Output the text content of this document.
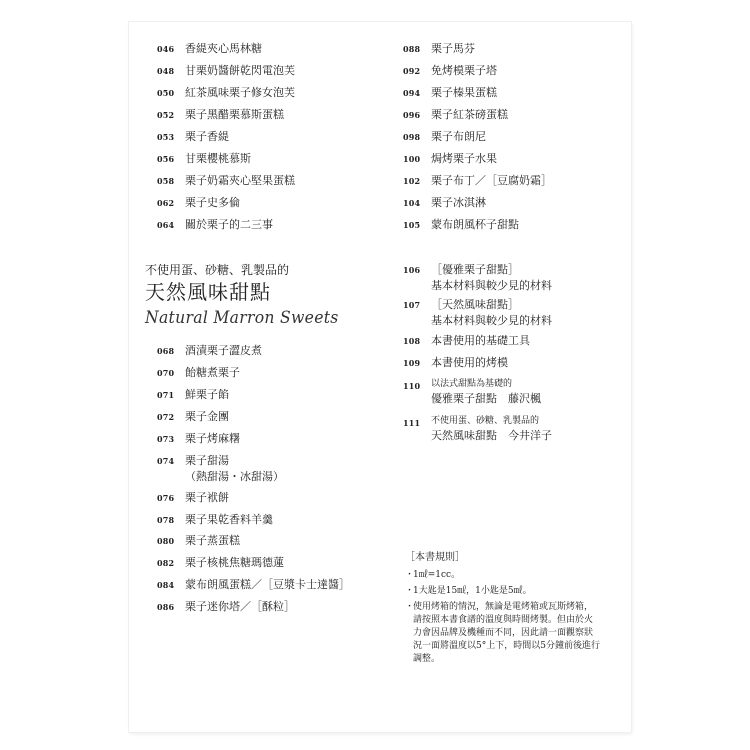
046 香緹夾心馬林糖
048 甘栗奶醬餅乾閃電泡芙
050 紅茶風味栗子修女泡芙
052 栗子黑醋栗慕斯蛋糕
053 栗子香緹
056 甘栗櫻桃慕斯
058 栗子奶霜夾心堅果蛋糕
062 栗子史多倫
064 關於栗子的二三事
不使用蛋、砂糖、乳製品的
天然風味甜點
Natural Marron Sweets
068 酒漬栗子澀皮煮
070 飴糖煮栗子
071 鮮栗子餡
072 栗子金團
073 栗子烤麻糬
074 栗子甜湯
（熱甜湯・冰甜湯）
076 栗子袱餅
078 栗子果乾香料羊羹
080 栗子蒸蛋糕
082 栗子核桃焦糖瑪德蓮
084 蒙布朗風蛋糕／［豆漿卡士達醬］
086 栗子迷你塔／［酥粒］
088 栗子馬芬
092 免烤模栗子塔
094 栗子榛果蛋糕
096 栗子紅茶磅蛋糕
098 栗子布朗尼
100 焗烤栗子水果
102 栗子布丁／［豆腐奶霜］
104 栗子冰淇淋
105 蒙布朗風杯子甜點
106 ［優雅栗子甜點］
基本材料與較少見的材料
107 ［天然風味甜點］
基本材料與較少見的材料
108 本書使用的基礎工具
109 本書使用的烤模
110	以法式甜點為基礎的
優雅栗子甜點　藤沢楓
111	不使用蛋、砂糖、乳製品的
天然風味甜點　今井洋子
［本書規則］
・
1㎖=1cc。
・
1大匙是15㎖，1小匙是5㎖。
・
使用烤箱的情況，無論是電烤箱或瓦斯烤箱，請按照本書食譜的溫度與時間烤製。但由於火力會因品牌及機種而不同，因此請一面觀察狀況一面將溫度以5°上下，時間以5分鐘前後進行調整。
